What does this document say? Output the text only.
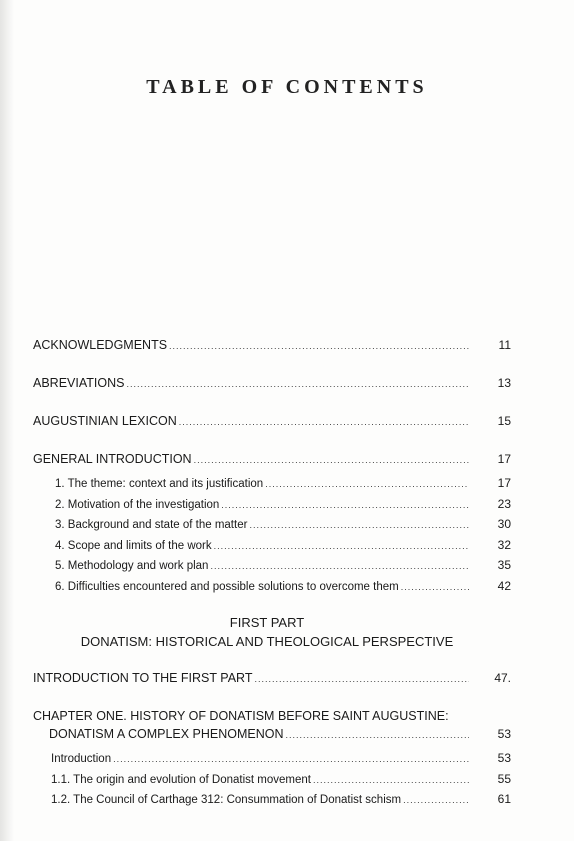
TABLE OF CONTENTS
ACKNOWLEDGMENTS .....	11
ABREVIATIONS .....	13
AUGUSTINIAN LEXICON .....	15
GENERAL INTRODUCTION .....	17
1. The theme: context and its justification .....	17
2. Motivation of the investigation .....	23
3. Background and state of the matter .....	30
4. Scope and limits of the work .....	32
5. Methodology and work plan .....	35
6. Difficulties encountered and possible solutions to overcome them .....	42
FIRST PART
DONATISM: HISTORICAL AND THEOLOGICAL PERSPECTIVE
INTRODUCTION TO THE FIRST PART .....	47.
CHAPTER ONE. HISTORY OF DONATISM BEFORE SAINT AUGUSTINE:
DONATISM A COMPLEX PHENOMENON .....	53
Introduction .....	53
1.1. The origin and evolution of Donatist movement .....	55
1.2. The Council of Carthage 312: Consummation of Donatist schism .....	61
